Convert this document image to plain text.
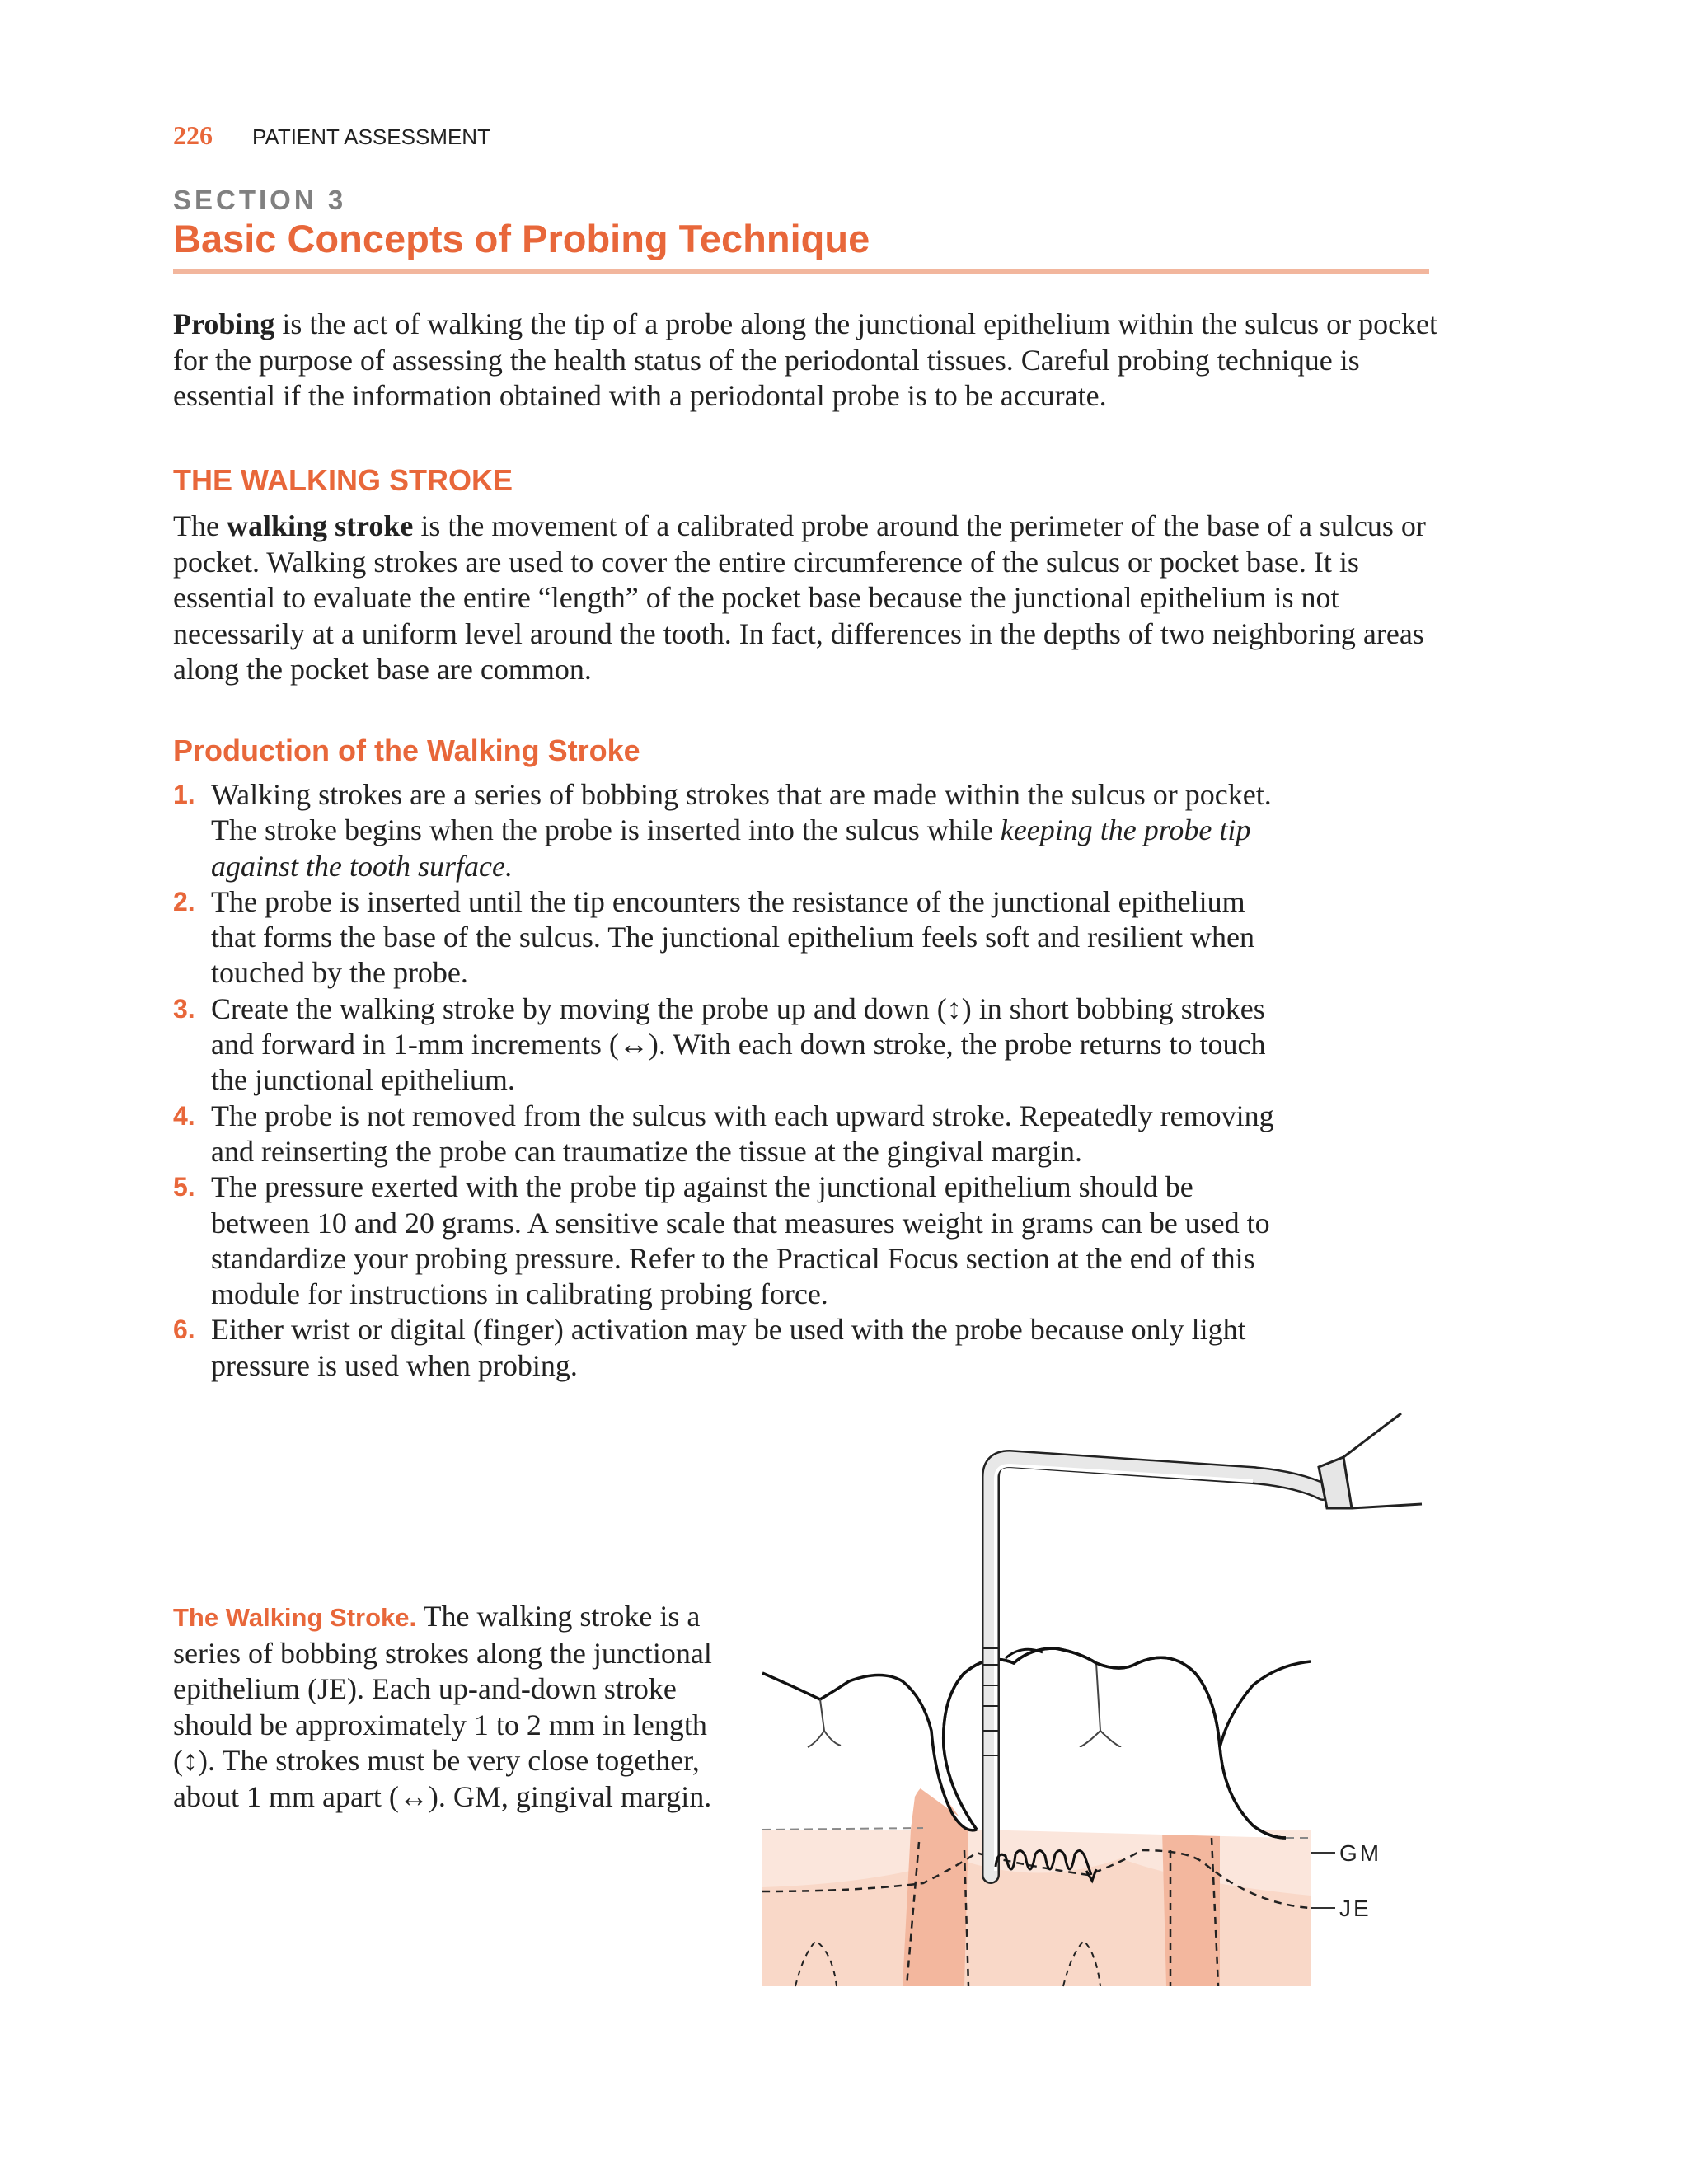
226 PATIENT ASSESSMENT
SECTION 3
Basic Concepts of Probing Technique

Probing is the act of walking the tip of a probe along the junctional epithelium within the sulcus or pocket for the purpose of assessing the health status of the periodontal tissues. Careful probing technique is essential if the information obtained with a periodontal probe is to be accurate.

THE WALKING STROKE

The walking stroke is the movement of a calibrated probe around the perimeter of the base of a sulcus or pocket. Walking strokes are used to cover the entire circumference of the sulcus or pocket base. It is essential to evaluate the entire “length” of the pocket base because the junctional epithelium is not necessarily at a uniform level around the tooth. In fact, differences in the depths of two neighboring areas along the pocket base are common.

Production of the Walking Stroke
1. Walking strokes are a series of bobbing strokes that are made within the sulcus or pocket. The stroke begins when the probe is inserted into the sulcus while keeping the probe tip against the tooth surface.
2. The probe is inserted until the tip encounters the resistance of the junctional epithelium that forms the base of the sulcus. The junctional epithelium feels soft and resilient when touched by the probe.
3. Create the walking stroke by moving the probe up and down (↕) in short bobbing strokes and forward in 1-mm increments (↔). With each down stroke, the probe returns to touch the junctional epithelium.
4. The probe is not removed from the sulcus with each upward stroke. Repeatedly removing and reinserting the probe can traumatize the tissue at the gingival margin.
5. The pressure exerted with the probe tip against the junctional epithelium should be between 10 and 20 grams. A sensitive scale that measures weight in grams can be used to standardize your probing pressure. Refer to the Practical Focus section at the end of this module for instructions in calibrating probing force.
6. Either wrist or digital (finger) activation may be used with the probe because only light pressure is used when probing.

The Walking Stroke. The walking stroke is a series of bobbing strokes along the junctional epithelium (JE). Each up-and-down stroke should be approximately 1 to 2 mm in length (↕). The strokes must be very close together, about 1 mm apart (↔). GM, gingival margin.

GM
JE
